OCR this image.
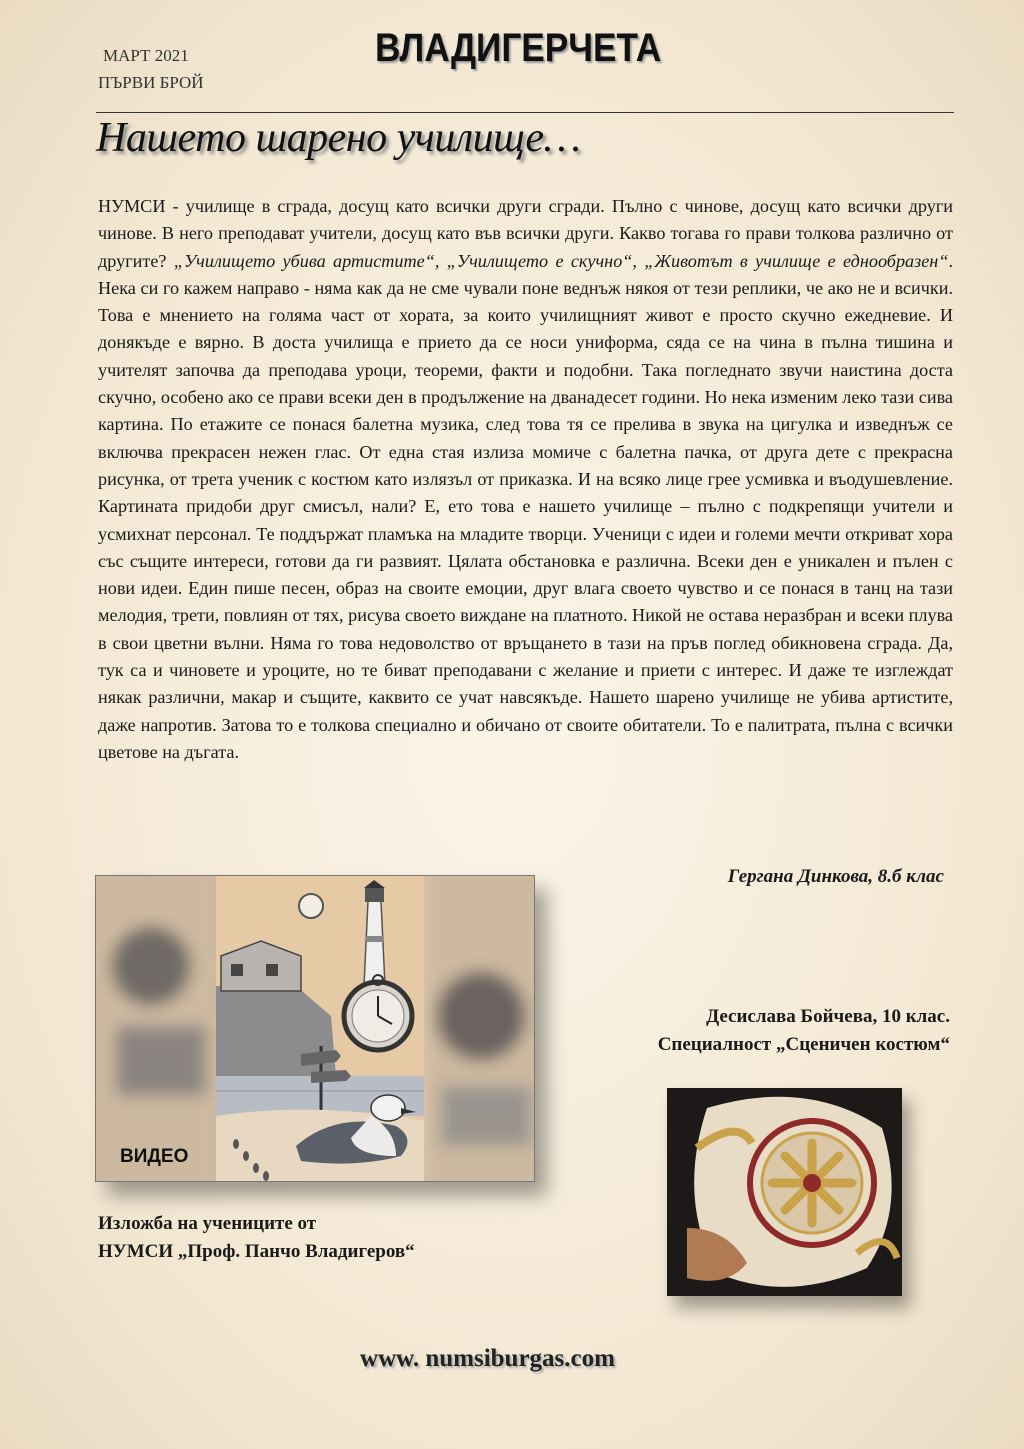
МАРТ 2021
ПЪРВИ БРОЙ
ВЛАДИГЕРЧЕТА
Нашето шарено училище…
НУМСИ - училище в сграда, досущ като всички други сгради. Пълно с чинове, досущ като всички други чинове. В него преподават учители, досущ като във всички други. Какво тогава го прави толкова различно от другите? „Училището убива артистите“, „Училището е скучно“, „Животът в училище е еднообразен“. Нека си го кажем направо - няма как да не сме чували поне веднъж някоя от тези реплики, че ако не и всички. Това е мнението на голяма част от хората, за които училищният живот е просто скучно ежедневие. И донякъде е вярно. В доста училища е прието да се носи униформа, сяда се на чина в пълна тишина и учителят започва да преподава уроци, теореми, факти и подобни. Така погледнато звучи наистина доста скучно, особено ако се прави всеки ден в продължение на дванадесет години. Но нека изменим леко тази сива картина. По етажите се понася балетна музика, след това тя се прелива в звука на цигулка и изведнъж се включва прекрасен нежен глас. От една стая излиза момиче с балетна пачка, от друга дете с прекрасна рисунка, от трета ученик с костюм като излязъл от приказка. И на всяко лице грее усмивка и въодушевление. Картината придоби друг смисъл, нали? Е, ето това е нашето училище – пълно с подкрепящи учители и усмихнат персонал. Те поддържат пламъка на младите творци. Ученици с идеи и големи мечти откриват хора със същите интереси, готови да ги развият. Цялата обстановка е различна. Всеки ден е уникален и пълен с нови идеи. Един пише песен, образ на своите емоции, друг влага своето чувство и се понася в танц на тази мелодия, трети, повлиян от тях, рисува своето виждане на платното. Никой не остава неразбран и всеки плува в свои цветни вълни. Няма го това недоволство от връщането в тази на пръв поглед обикновена сграда. Да, тук са и чиновете и уроците, но те биват преподавани с желание и приети с интерес. И даже те изглеждат някак различни, макар и същите, каквито се учат навсякъде. Нашето шарено училище не убива артистите, даже напротив. Затова то е толкова специално и обичано от своите обитатели. То е палитрата, пълна с всички цветове на дъгата.
Гергана Динкова, 8.б клас
ВИДЕО
Изложба на учениците от
НУМСИ „Проф. Панчо Владигеров“
Десислава Бойчева, 10 клас.
Специалност „Сценичен костюм“
www. numsiburgas.com
